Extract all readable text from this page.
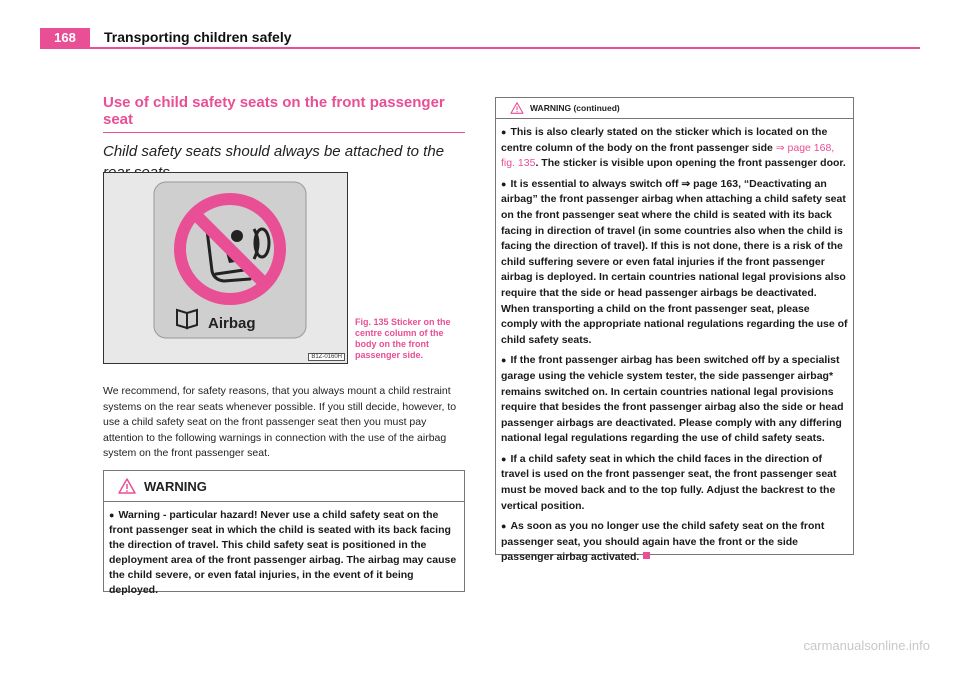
168	Transporting children safely
Use of child safety seats on the front passenger seat

Child safety seats should always be attached to the

Airbag
B1Z-0160H
Fig. 135 Sticker on the centre column of the body on the front passenger side.
We recommend, for safety reasons, that you always mount a child restraint systems on the rear seats whenever possible. If you still decide, however, to use a child safety seat on the front passenger seat then you must pay attention to the following warnings in connection with the use of the airbag system on the front passenger seat.
WARNING
● Warning - particular hazard! Never use a child safety seat on the front passenger seat in which the child is seated with its back facing the direction of travel. This child safety seat is positioned in the deployment area of the front passenger airbag. The airbag may cause the child severe, or even fatal injuries, in the event of it being deployed.
WARNING (continued)

● This is also clearly stated on the sticker which is located on the centre column of the body on the front passenger side ⇒ page 168, fig. 135. The sticker is visible upon opening the front passenger door.

● It is essential to always switch off ⇒ page 163, “Deactivating an airbag” the front passenger airbag when attaching a child safety seat on the front passenger seat where the child is seated with its back facing in direction of travel (in some countries also when the child is facing the direction of travel). If this is not done, there is a risk of the child suffering severe or even fatal injuries if the front passenger airbag is deployed. In certain countries national legal provisions also require that the side or head passenger airbags be deactivated. When transporting a child on the front passenger seat, please comply with the appropriate national regulations regarding the use of child safety seats.

● If the front passenger airbag has been switched off by a specialist garage using the vehicle system tester, the side passenger airbag* remains switched on. In certain countries national legal provisions require that besides the front passenger airbag also the side or head passenger airbags are deactivated. Please comply with any differing national legal regulations regarding the use of child safety seats.

● If a child safety seat in which the child faces in the direction of travel is used on the front passenger seat, the front passenger seat must be moved back and to the top fully. Adjust the backrest to the vertical position.

● As soon as you no longer use the child safety seat on the front passenger seat, you should again have the front or the side passenger airbag activated.

carmanualsonline.info
